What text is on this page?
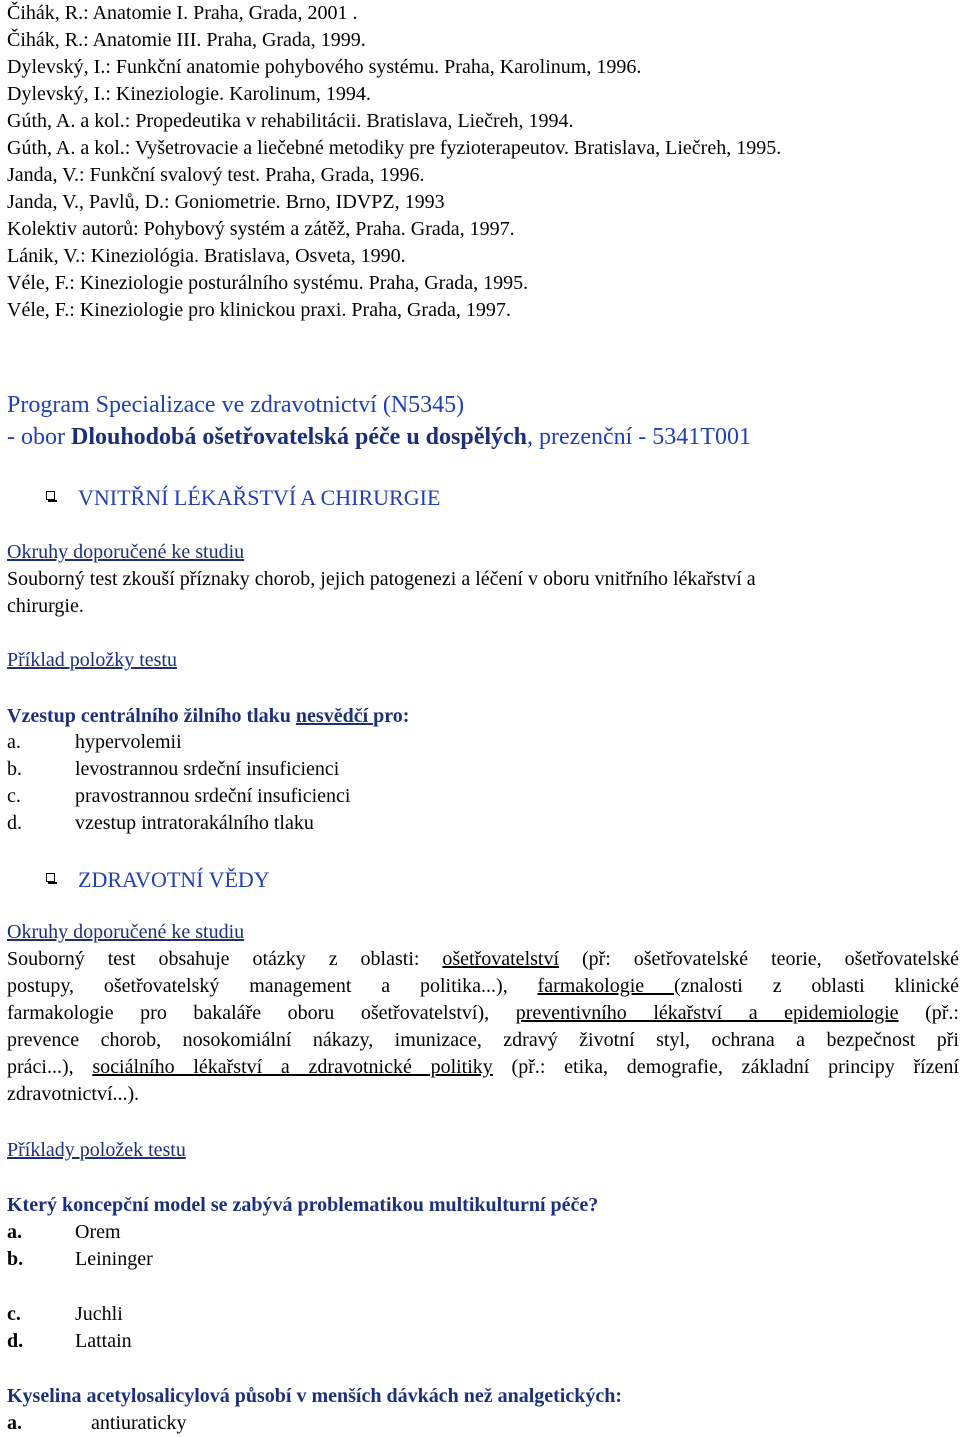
Čihák, R.: Anatomie I. Praha, Grada, 2001 .

Čihák, R.: Anatomie III. Praha, Grada, 1999.

Dylevský, I.: Funkční anatomie pohybového systému. Praha, Karolinum, 1996.

Dylevský, I.: Kineziologie. Karolinum, 1994.

Gúth, A. a kol.: Propedeutika v rehabilitácii. Bratislava, Liečreh, 1994.

Gúth, A. a kol.: Vyšetrovacie a liečebné metodiky pre fyzioterapeutov. Bratislava, Liečreh, 1995.

Janda, V.: Funkční svalový test. Praha, Grada, 1996.

Janda, V., Pavlů, D.: Goniometrie. Brno, IDVPZ, 1993

Kolektiv autorů: Pohybový systém a zátěž, Praha. Grada, 1997.

Lánik, V.: Kineziológia. Bratislava, Osveta, 1990.

Véle, F.: Kineziologie posturálního systému. Praha, Grada, 1995.

Véle, F.: Kineziologie pro klinickou praxi. Praha, Grada, 1997.

Program Specializace ve zdravotnictví (N5345)

- obor Dlouhodobá ošetřovatelská péče u dospělých, prezenční - 5341T001

VNITŘNÍ LÉKAŘSTVÍ A CHIRURGIE

Okruhy doporučené ke studiu

Souborný test zkouší příznaky chorob, jejich patogenezi a léčení v oboru vnitřního lékařství a

chirurgie.

Příklad položky testu

Vzestup centrálního žilního tlaku nesvědčí pro:

a.	hypervolemii

b.	levostrannou srdeční insuficienci

c.	pravostrannou srdeční insuficienci

d.	vzestup intratorakálního tlaku

ZDRAVOTNÍ VĚDY

Okruhy doporučené ke studiu

Souborný test obsahuje otázky z oblasti: ošetřovatelství (př: ošetřovatelské teorie, ošetřovatelské

postupy, ošetřovatelský management a politika...), farmakologie (znalosti z oblasti klinické

farmakologie pro bakaláře oboru ošetřovatelství), preventivního lékařství a epidemiologie (př.:

prevence chorob, nosokomiální nákazy, imunizace, zdravý životní styl, ochrana a bezpečnost při

práci...), sociálního lékařství a zdravotnické politiky (př.: etika, demografie, základní principy řízení

zdravotnictví...).

Příklady položek testu

Který koncepční model se zabývá problematikou multikulturní péče?

a.	Orem

b.	Leininger

c.	Juchli

d.	Lattain

Kyselina acetylosalicylová působí v menších dávkách než analgetických:

a.	antiuraticky
